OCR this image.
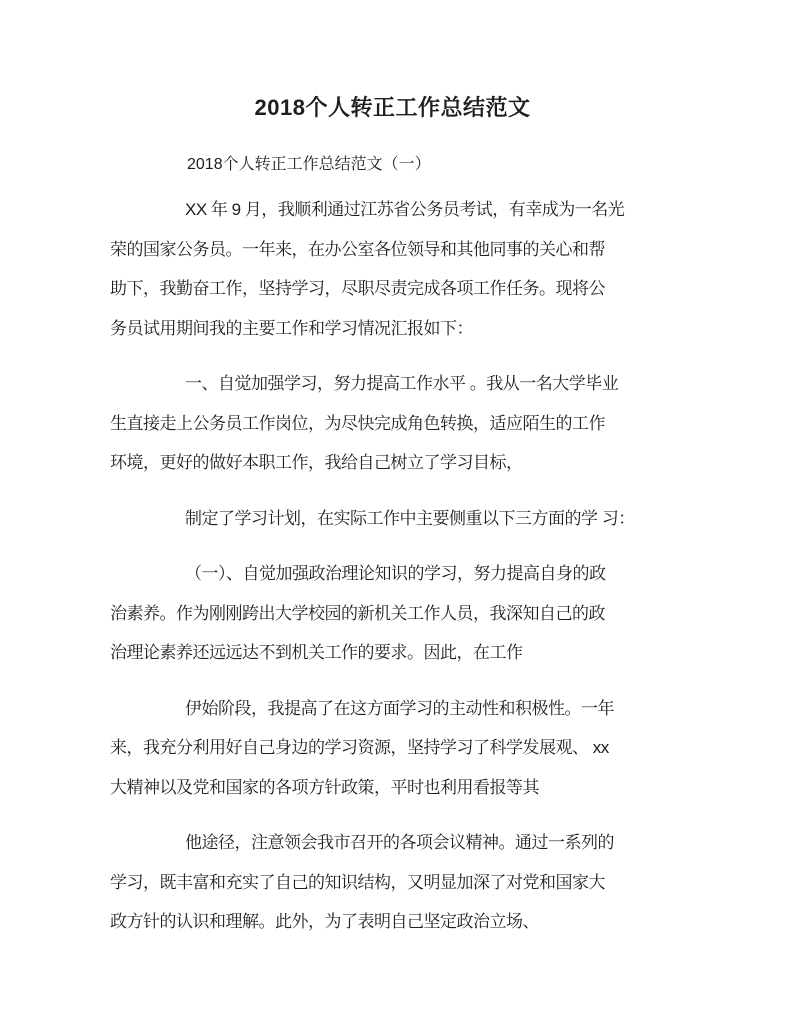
2018个人转正工作总结范文
2018个人转正工作总结范文（一）
XX 年 9 月，我顺利通过江苏省公务员考试，有幸成为一名光
荣的国家公务员。一年来，在办公室各位领导和其他同事的关心和帮
助下，我勤奋工作，坚持学习，尽职尽责完成各项工作任务。现将公
务员试用期间我的主要工作和学习情况汇报如下：
一、自觉加强学习，努力提高工作水平 。我从一名大学毕业
生直接走上公务员工作岗位，为尽快完成角色转换，适应陌生的工作
环境，更好的做好本职工作，我给自己树立了学习目标，
制定了学习计划，在实际工作中主要侧重以下三方面的学 习：
（一）、自觉加强政治理论知识的学习，努力提高自身的政
治素养。作为刚刚跨出大学校园的新机关工作人员，我深知自己的政
治理论素养还远远达不到机关工作的要求。因此，在工作
伊始阶段，我提高了在这方面学习的主动性和积极性。一年
来，我充分利用好自己身边的学习资源，坚持学习了科学发展观、 xx
大精神以及党和国家的各项方针政策，平时也利用看报等其
他途径，注意领会我市召开的各项会议精神。通过一系列的
学习，既丰富和充实了自己的知识结构，又明显加深了对党和国家大
政方针的认识和理解。此外，为了表明自己坚定政治立场、
